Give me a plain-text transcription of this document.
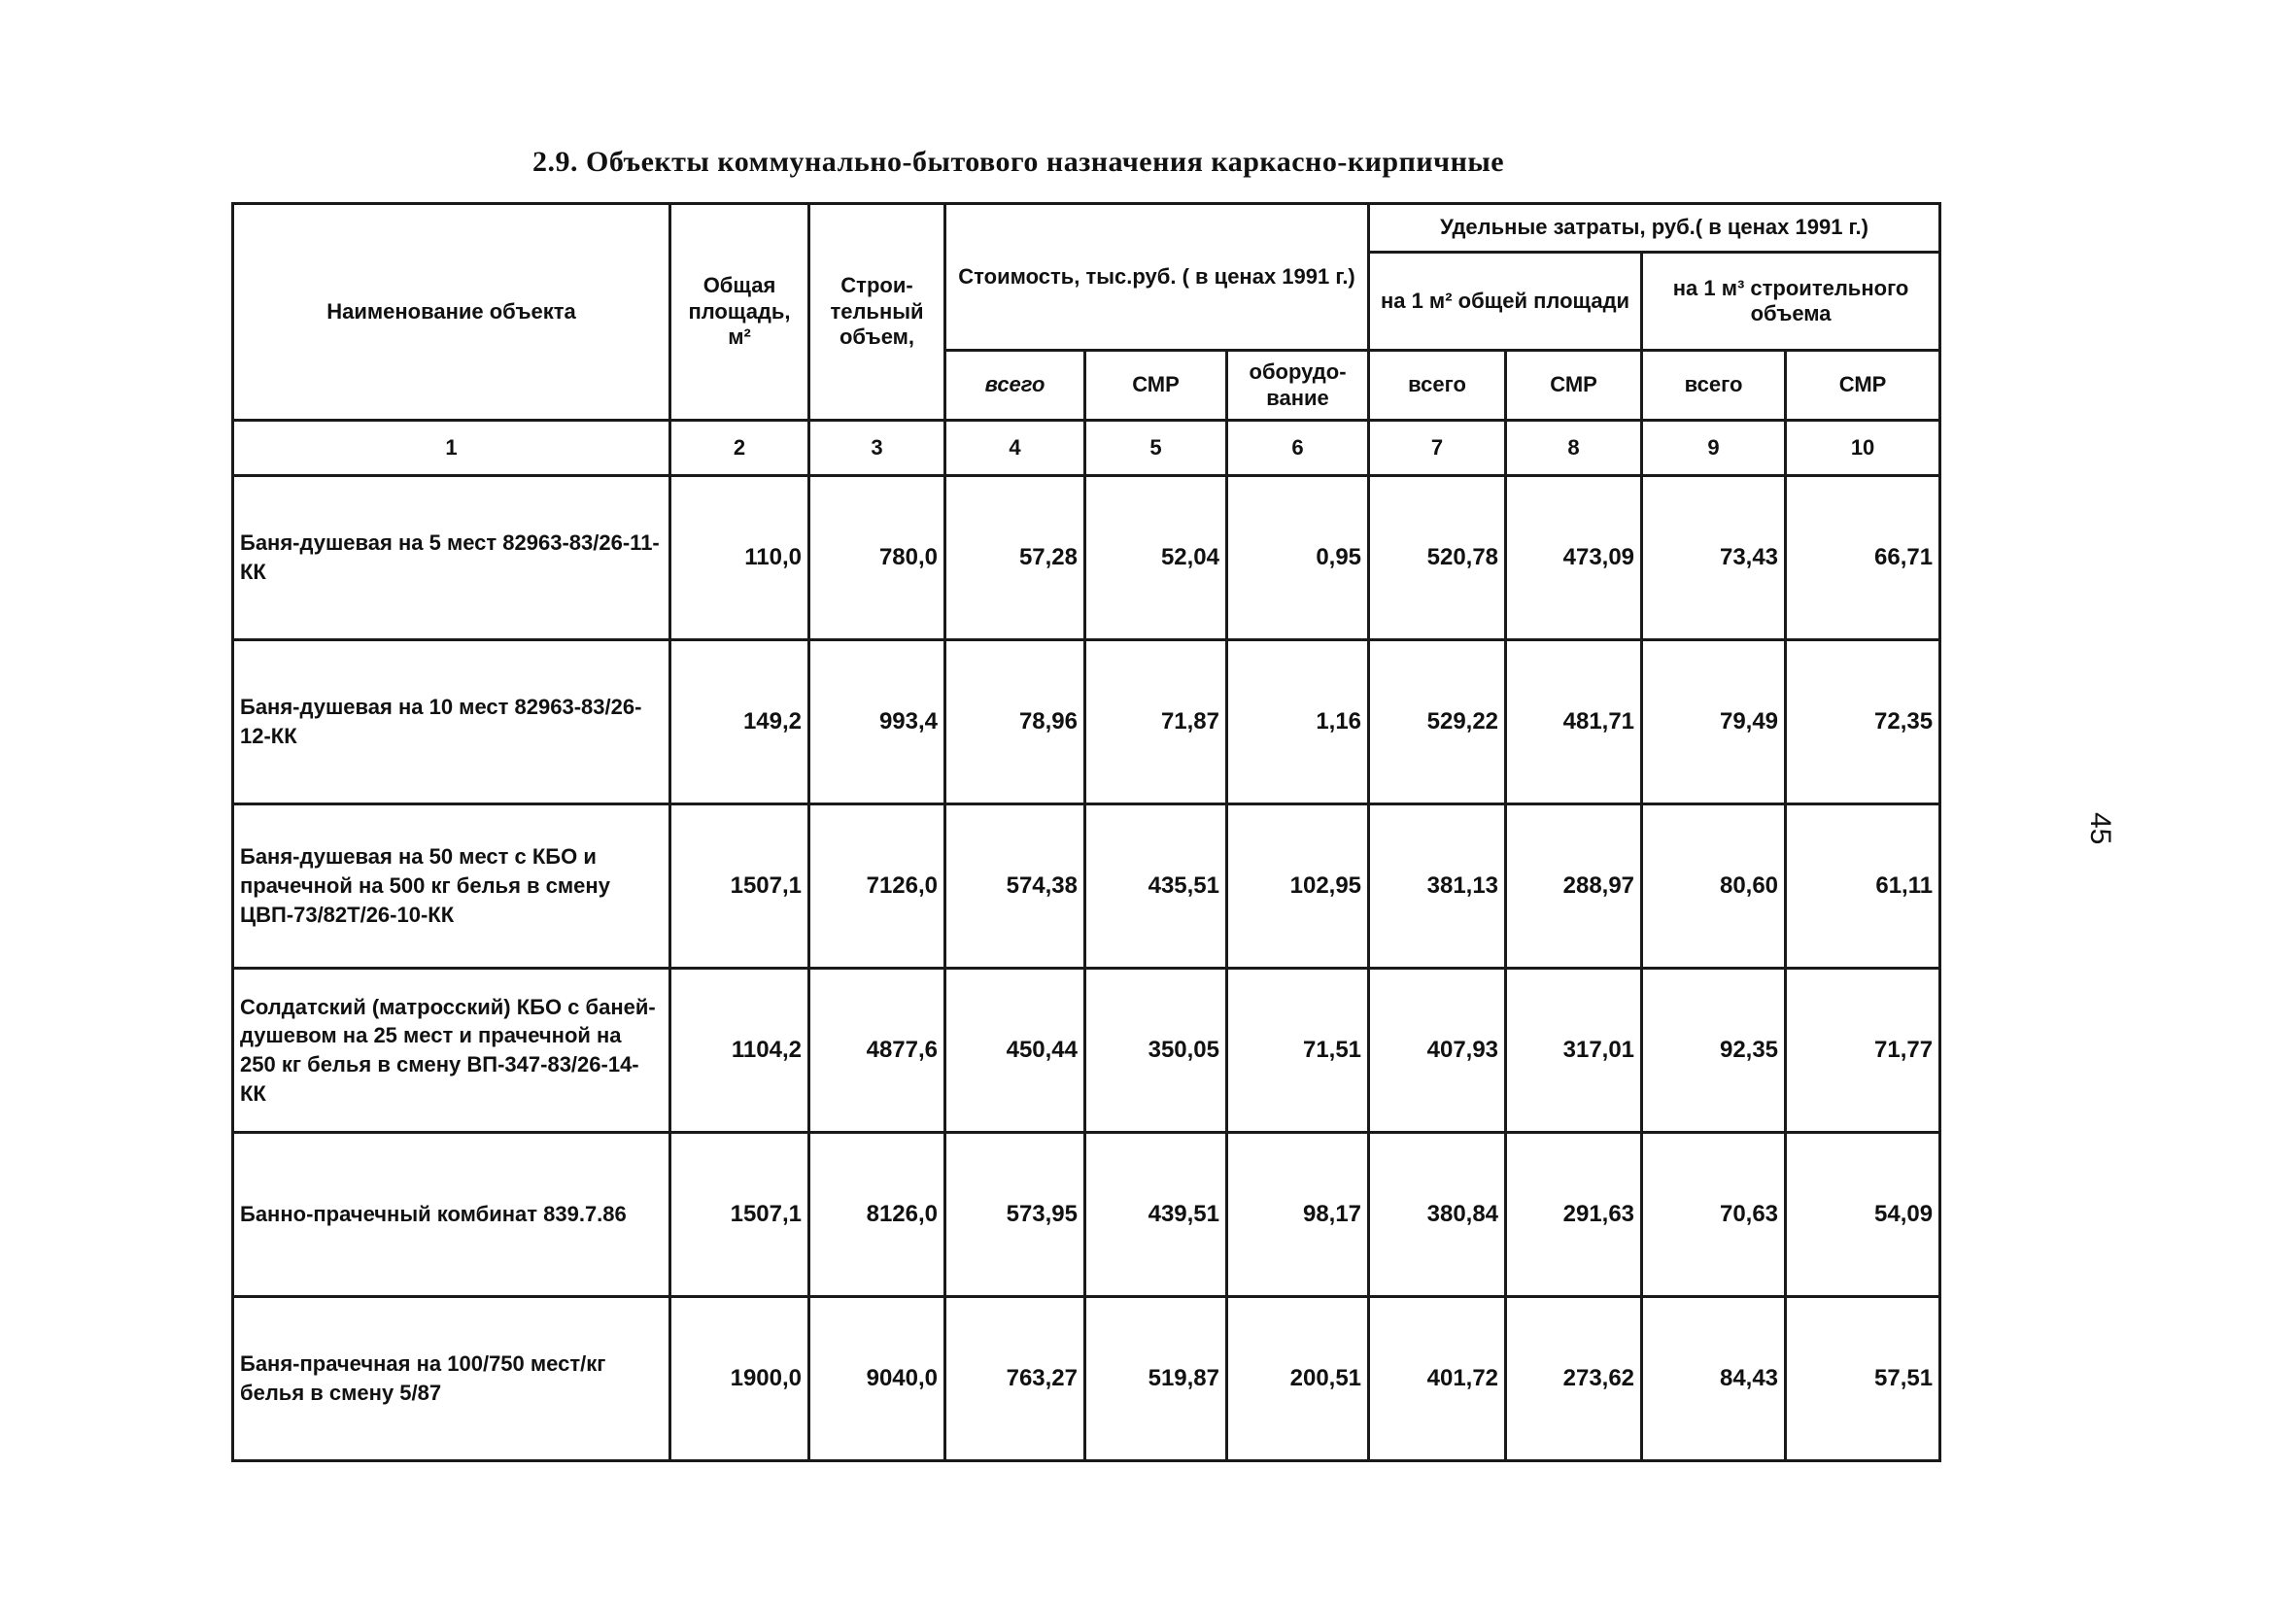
2.9. Объекты коммунально-бытового назначения каркасно-кирпичные
45
Наименование объекта	Общая площадь, м²	Строи-тельный объем,	Стоимость, тыс.руб. ( в ценах 1991 г.)			Удельные затраты, руб.( в ценах 1991 г.)			
						на 1 м² общей площади		на 1 м³ строительного объема	
			всего	СМР	оборудо-вание	всего	СМР	всего	СМР
1	2	3	4	5	6	7	8	9	10
Баня-душевая на 5 мест 82963-83/26-11-КК	110,0	780,0	57,28	52,04	0,95	520,78	473,09	73,43	66,71
Баня-душевая на 10 мест 82963-83/26-12-КК	149,2	993,4	78,96	71,87	1,16	529,22	481,71	79,49	72,35
Баня-душевая на 50 мест с КБО и прачечной на 500 кг белья в смену ЦВП-73/82Т/26-10-КК	1507,1	7126,0	574,38	435,51	102,95	381,13	288,97	80,60	61,11
Солдатский (матросский) КБО с баней-душевом на 25 мест и прачечной на 250 кг белья в смену ВП-347-83/26-14-КК	1104,2	4877,6	450,44	350,05	71,51	407,93	317,01	92,35	71,77
Банно-прачечный комбинат 839.7.86	1507,1	8126,0	573,95	439,51	98,17	380,84	291,63	70,63	54,09
Баня-прачечная на 100/750 мест/кг белья в смену 5/87	1900,0	9040,0	763,27	519,87	200,51	401,72	273,62	84,43	57,51
